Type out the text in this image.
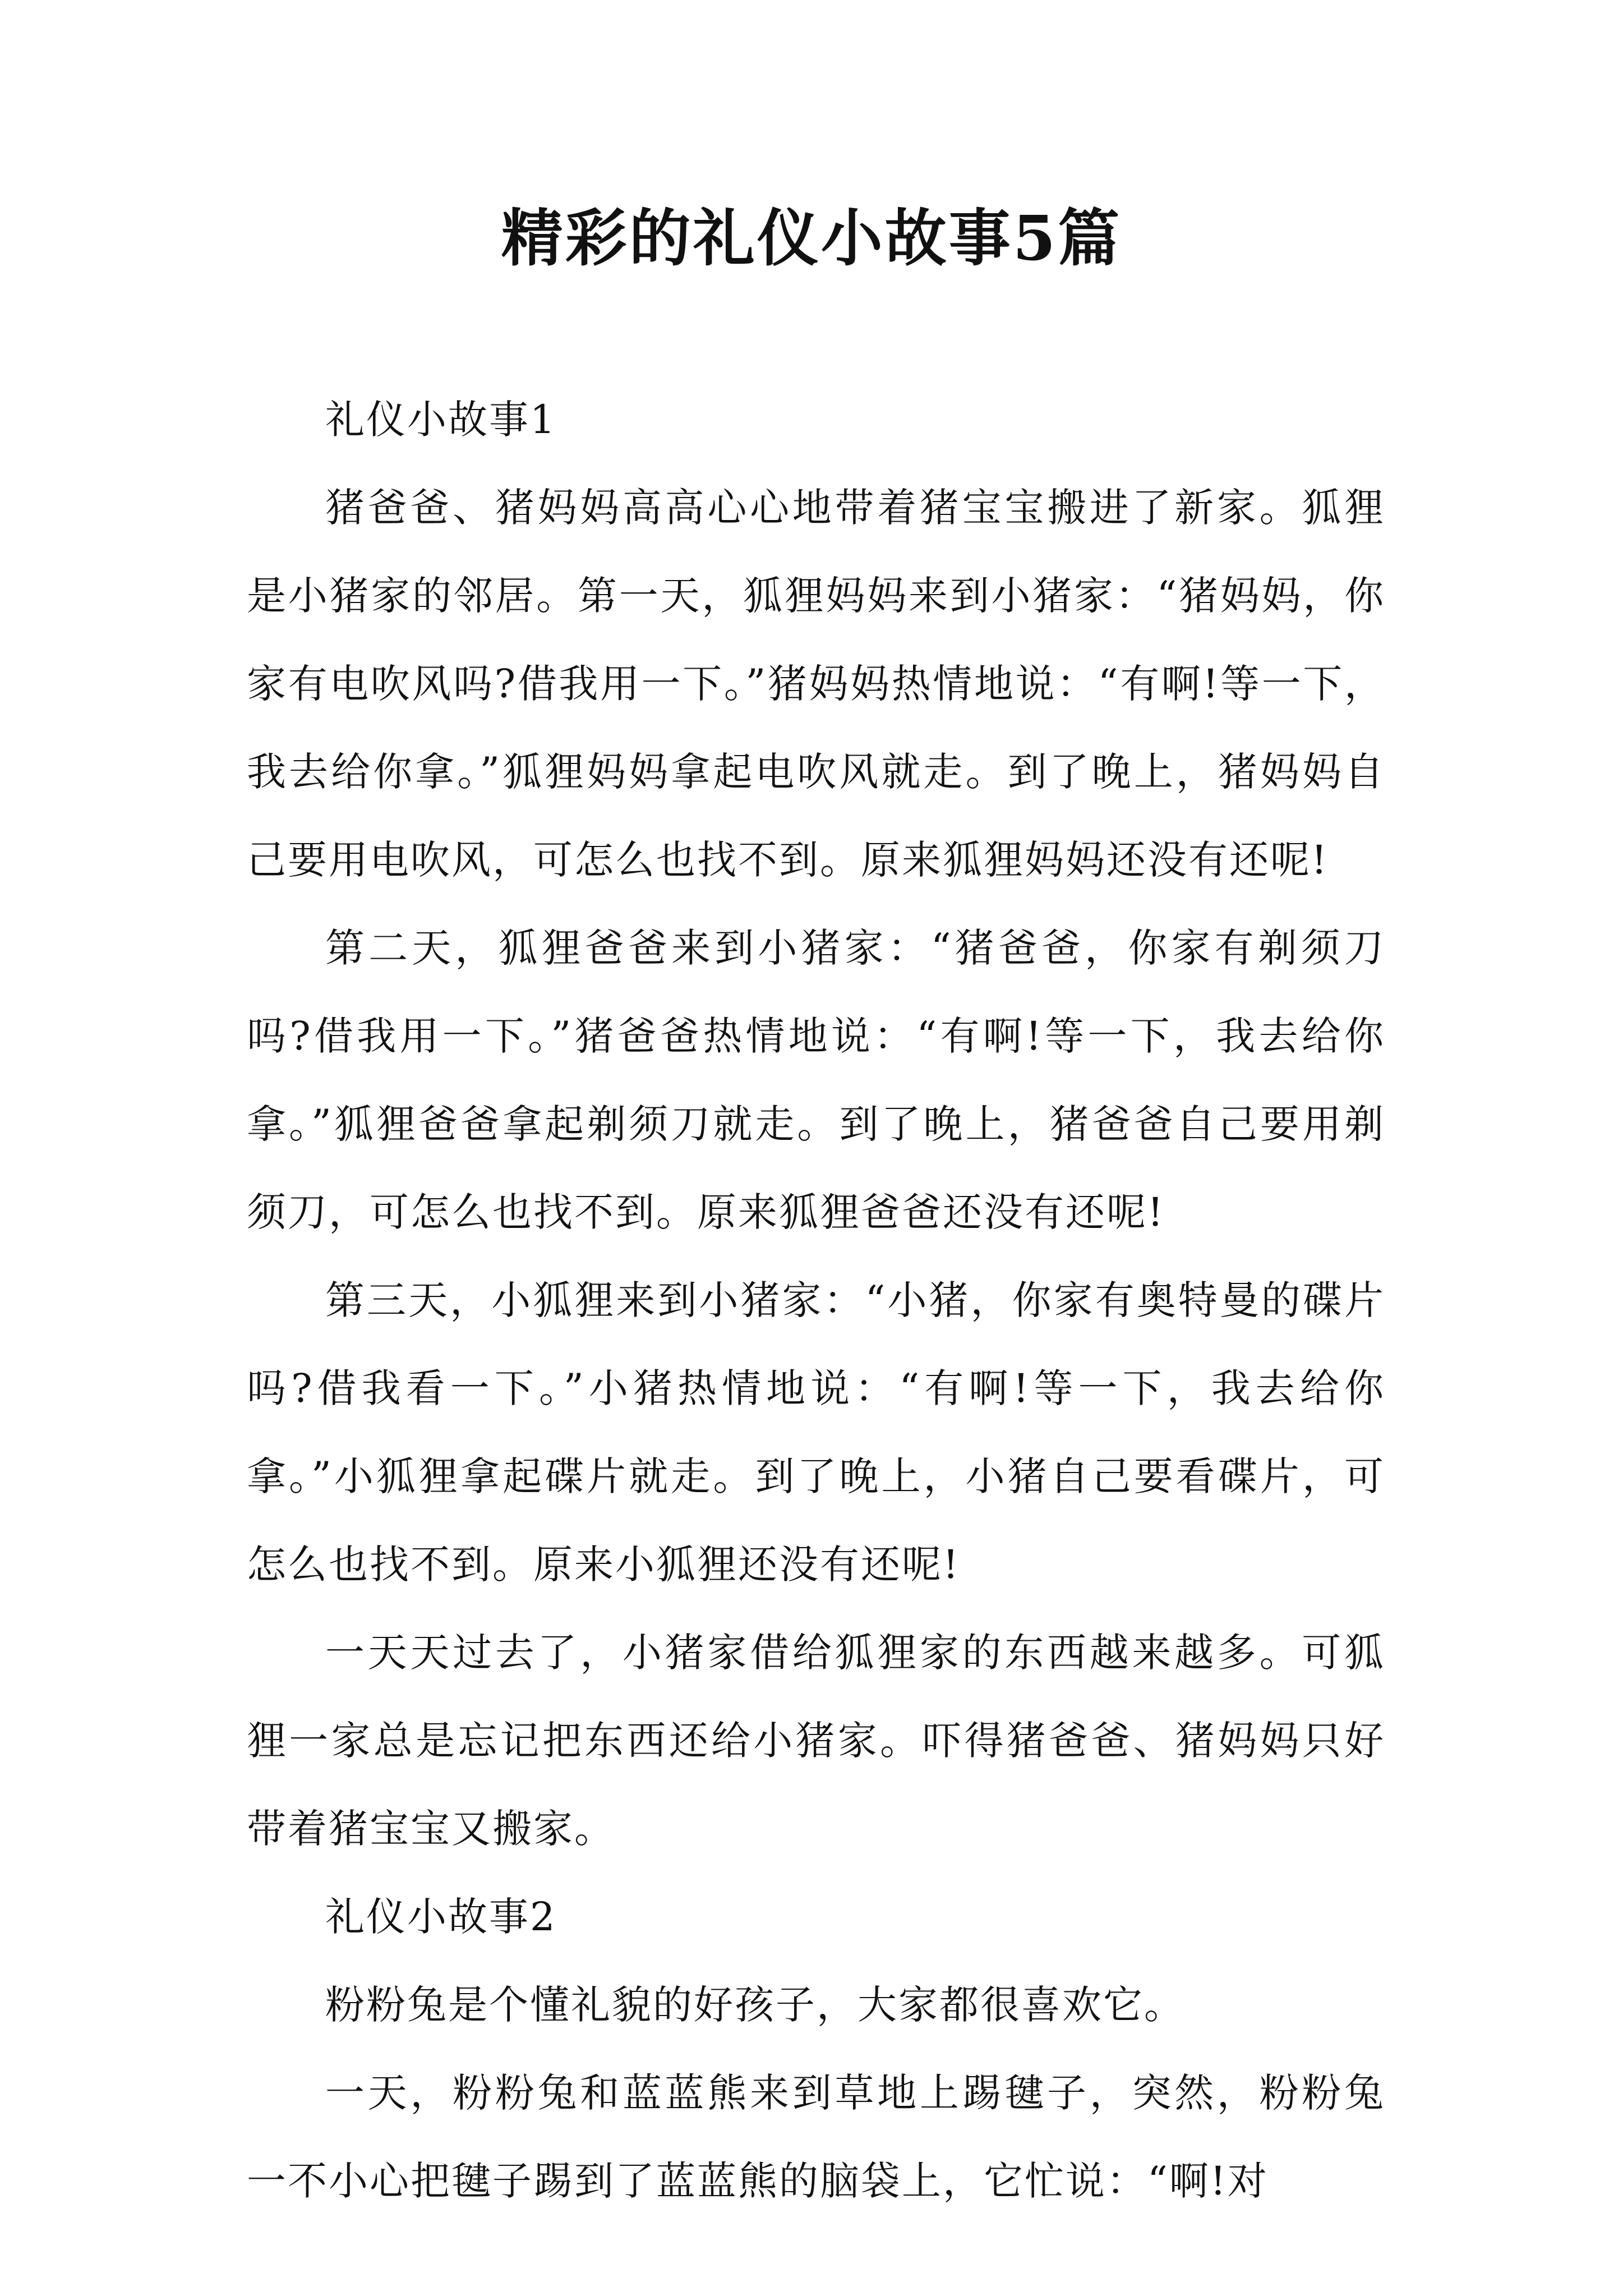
精彩的礼仪小故事5篇

礼仪小故事1

猪爸爸、猪妈妈高高心心地带着猪宝宝搬进了新家。狐狸是小猪家的邻居。第一天，狐狸妈妈来到小猪家：“猪妈妈，你家有电吹风吗?借我用一下。”猪妈妈热情地说：“有啊!等一下，我去给你拿。”狐狸妈妈拿起电吹风就走。到了晚上，猪妈妈自己要用电吹风，可怎么也找不到。原来狐狸妈妈还没有还呢!

第二天，狐狸爸爸来到小猪家：“猪爸爸，你家有剃须刀吗?借我用一下。”猪爸爸热情地说：“有啊!等一下，我去给你拿。”狐狸爸爸拿起剃须刀就走。到了晚上，猪爸爸自己要用剃须刀，可怎么也找不到。原来狐狸爸爸还没有还呢!

第三天，小狐狸来到小猪家：“小猪，你家有奥特曼的碟片吗?借我看一下。”小猪热情地说：“有啊!等一下，我去给你拿。”小狐狸拿起碟片就走。到了晚上，小猪自己要看碟片，可怎么也找不到。原来小狐狸还没有还呢!

一天天过去了，小猪家借给狐狸家的东西越来越多。可狐狸一家总是忘记把东西还给小猪家。吓得猪爸爸、猪妈妈只好带着猪宝宝又搬家。

礼仪小故事2

粉粉兔是个懂礼貌的好孩子，大家都很喜欢它。

一天，粉粉兔和蓝蓝熊来到草地上踢毽子，突然，粉粉兔一不小心把毽子踢到了蓝蓝熊的脑袋上，它忙说：“啊!对
